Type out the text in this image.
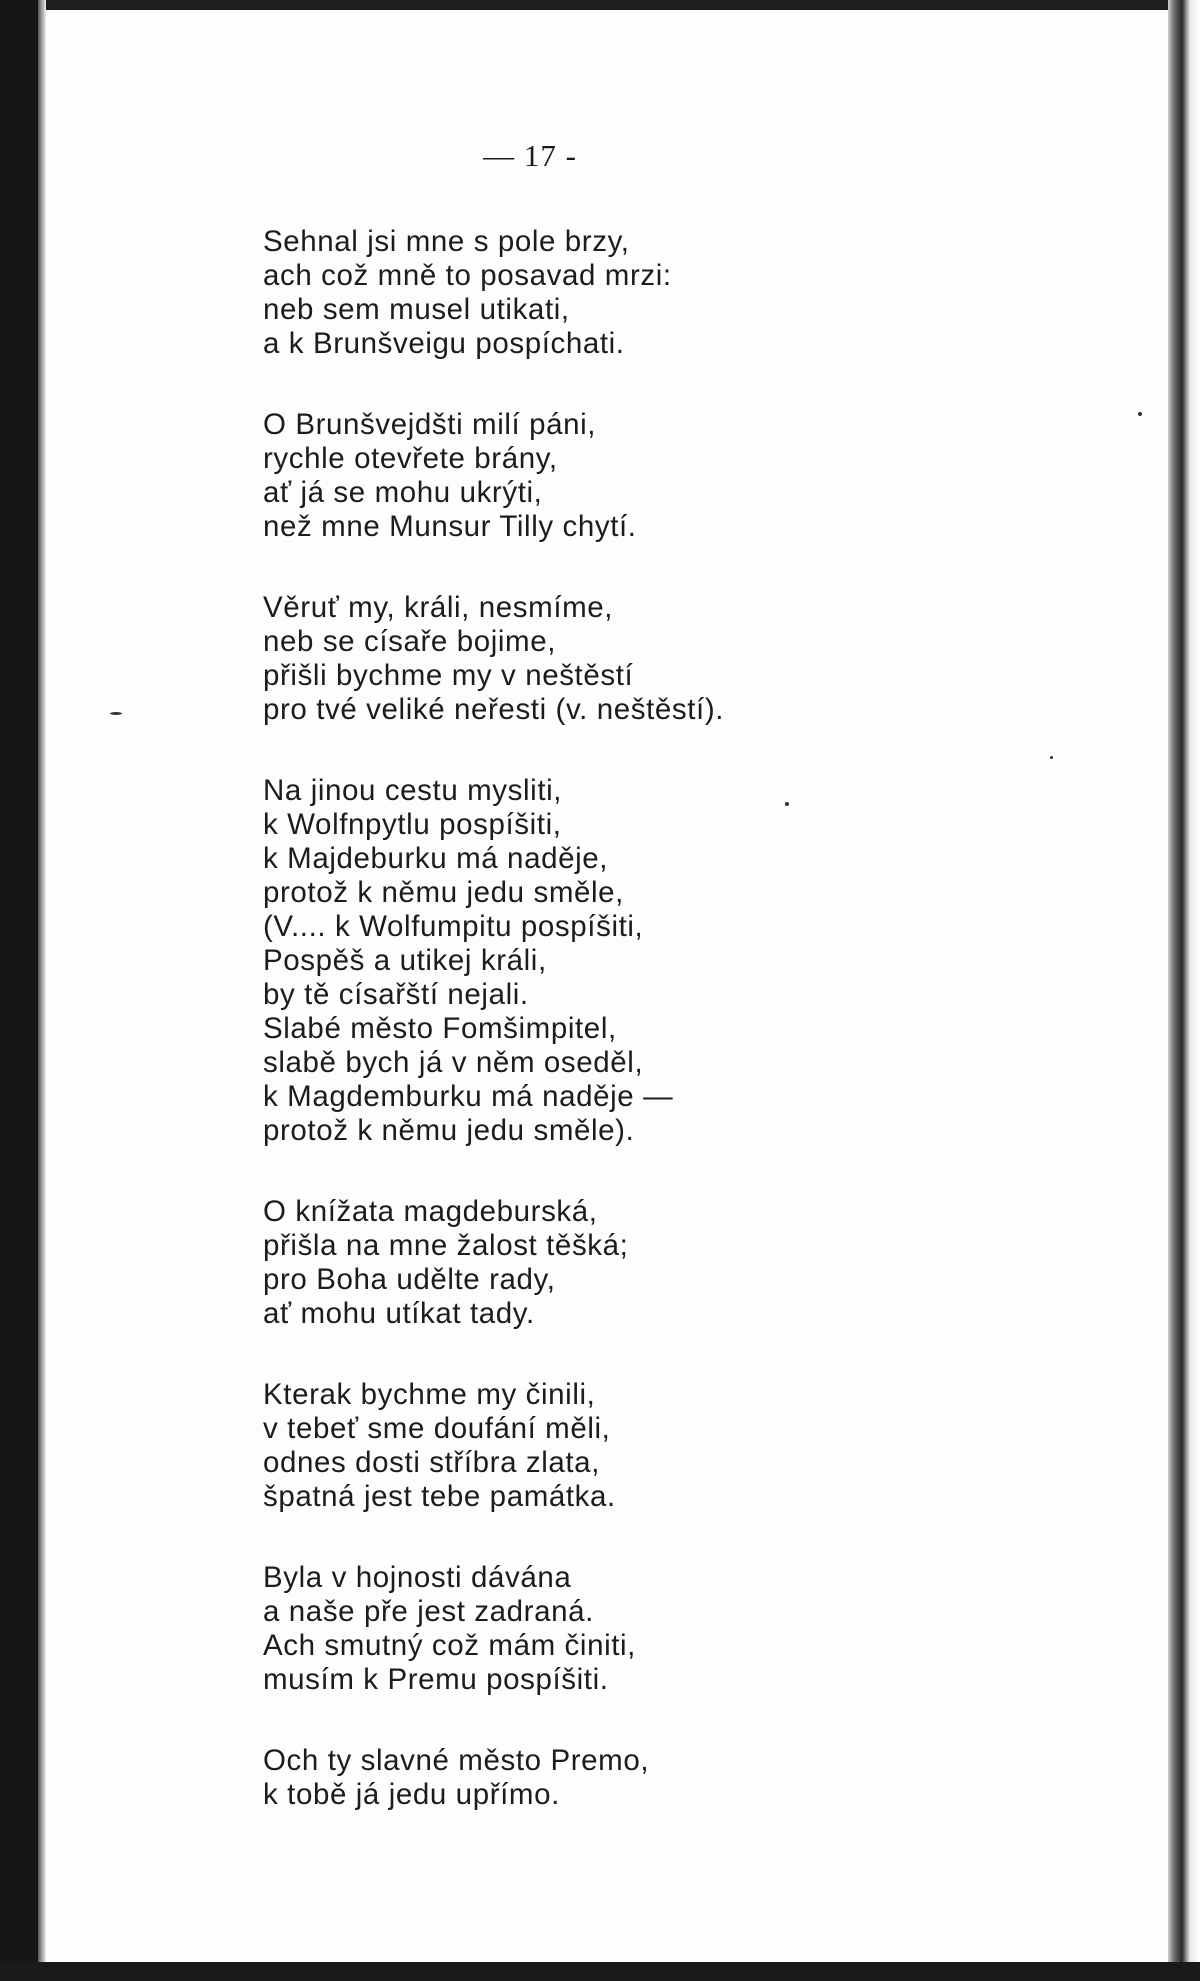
— 17 -
Sehnal jsi mne s pole brzy,
ach což mně to posavad mrzi:
neb sem musel utikati,
a k Brunšveigu pospíchati.
O Brunšvejdšti milí páni,
rychle otevřete brány,
ať já se mohu ukrýti,
než mne Munsur Tilly chytí.
Věruť my, králi, nesmíme,
neb se císaře bojime,
přišli bychme my v neštěstí
pro tvé veliké neřesti (v. neštěstí).
Na jinou cestu mysliti,
k Wolfnpytlu pospíšiti,
k Majdeburku má naděje,
protož k němu jedu směle,
(V.... k Wolfumpitu pospíšiti,
Pospěš a utikej králi,
by tě císařští nejali.
Slabé město Fomšimpitel,
slabě bych já v něm oseděl,
k Magdemburku má naděje —
protož k němu jedu směle).
O knížata magdeburská,
přišla na mne žalost těšká;
pro Boha udělte rady,
ať mohu utíkat tady.
Kterak bychme my činili,
v tebeť sme doufání měli,
odnes dosti stříbra zlata,
špatná jest tebe památka.
Byla v hojnosti dávána
a naše pře jest zadraná.
Ach smutný což mám činiti,
musím k Premu pospíšiti.
Och ty slavné město Premo,
k tobě já jedu upřímo.
